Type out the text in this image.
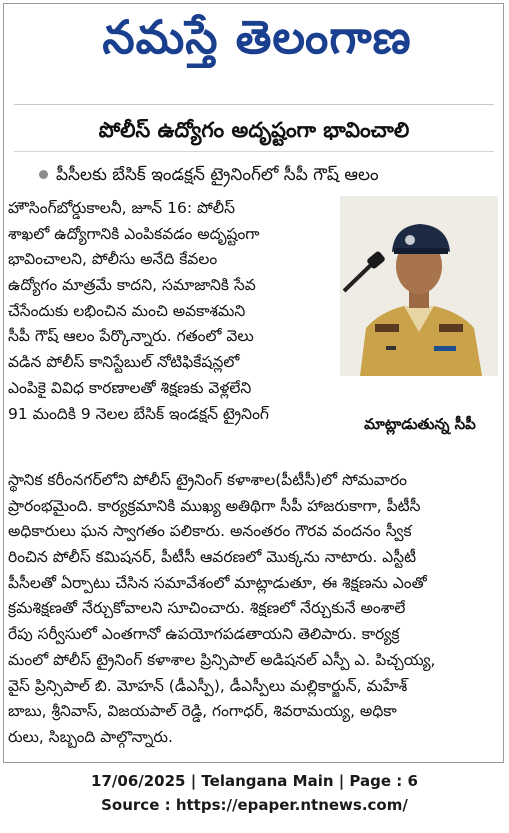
నమస్తే తెలంగాణ
పోలీస్ ఉద్యోగం అదృష్టంగా భావించాలి
పీసీలకు బేసిక్ ఇండక్షన్ ట్రైనింగ్‌లో సీపీ గౌష్ ఆలం
హౌసింగ్‌బోర్డుకాలనీ, జూన్ 16: పోలీస్
శాఖలో ఉద్యోగానికి ఎంపికవడం అదృష్టంగా
భావించాలని, పోలీసు అనేది కేవలం
ఉద్యోగం మాత్రమే కాదని, సమాజానికి సేవ
చేసేందుకు లభించిన మంచి అవకాశమని
సీపీ గౌష్ ఆలం పేర్కొన్నారు. గతంలో వెలు
వడిన పోలీస్ కానిస్టేబుల్ నోటిఫికేషన్లలో
ఎంపికై వివిధ కారణాలతో శిక్షణకు వెళ్లలేని
91 మందికి 9 నెలల బేసిక్ ఇండక్షన్ ట్రైనింగ్
మాట్లాడుతున్న సీపీ
స్థానిక కరీంనగర్‌లోని పోలీస్ ట్రైనింగ్ కళాశాల(పీటీసీ)లో సోమవారం
ప్రారంభమైంది. కార్యక్రమానికి ముఖ్య అతిథిగా సీపీ హాజరుకాగా, పీటీసీ
అధికారులు ఘన స్వాగతం పలికారు. అనంతరం గౌరవ వందనం స్వీక
రించిన పోలీస్ కమిషనర్, పీటీసీ ఆవరణలో మొక్కను నాటారు. ఎస్టీటీ
పీసీలతో ఏర్పాటు చేసిన సమావేశంలో మాట్లాడుతూ, ఈ శిక్షణను ఎంతో
క్రమశిక్షణతో నేర్చుకోవాలని సూచించారు. శిక్షణలో నేర్చుకునే అంశాలే
రేపు సర్వీసులో ఎంతగానో ఉపయోగపడతాయని తెలిపారు. కార్యక్ర
మంలో పోలీస్ ట్రైనింగ్ కళాశాల ప్రిన్సిపాల్ అడిషనల్ ఎస్పీ ఎ. పిచ్చయ్య,
వైస్ ప్రిన్సిపాల్ బి. మోహన్ (డీఎస్పీ), డీఎస్పీలు మల్లికార్జున్, మహేశ్
బాబు, శ్రీనివాస్, విజయపాల్ రెడ్డి, గంగాధర్, శివరామయ్య, అధికా
రులు, సిబ్బంది పాల్గొన్నారు.
17/06/2025 | Telangana Main | Page : 6
Source : https://epaper.ntnews.com/
